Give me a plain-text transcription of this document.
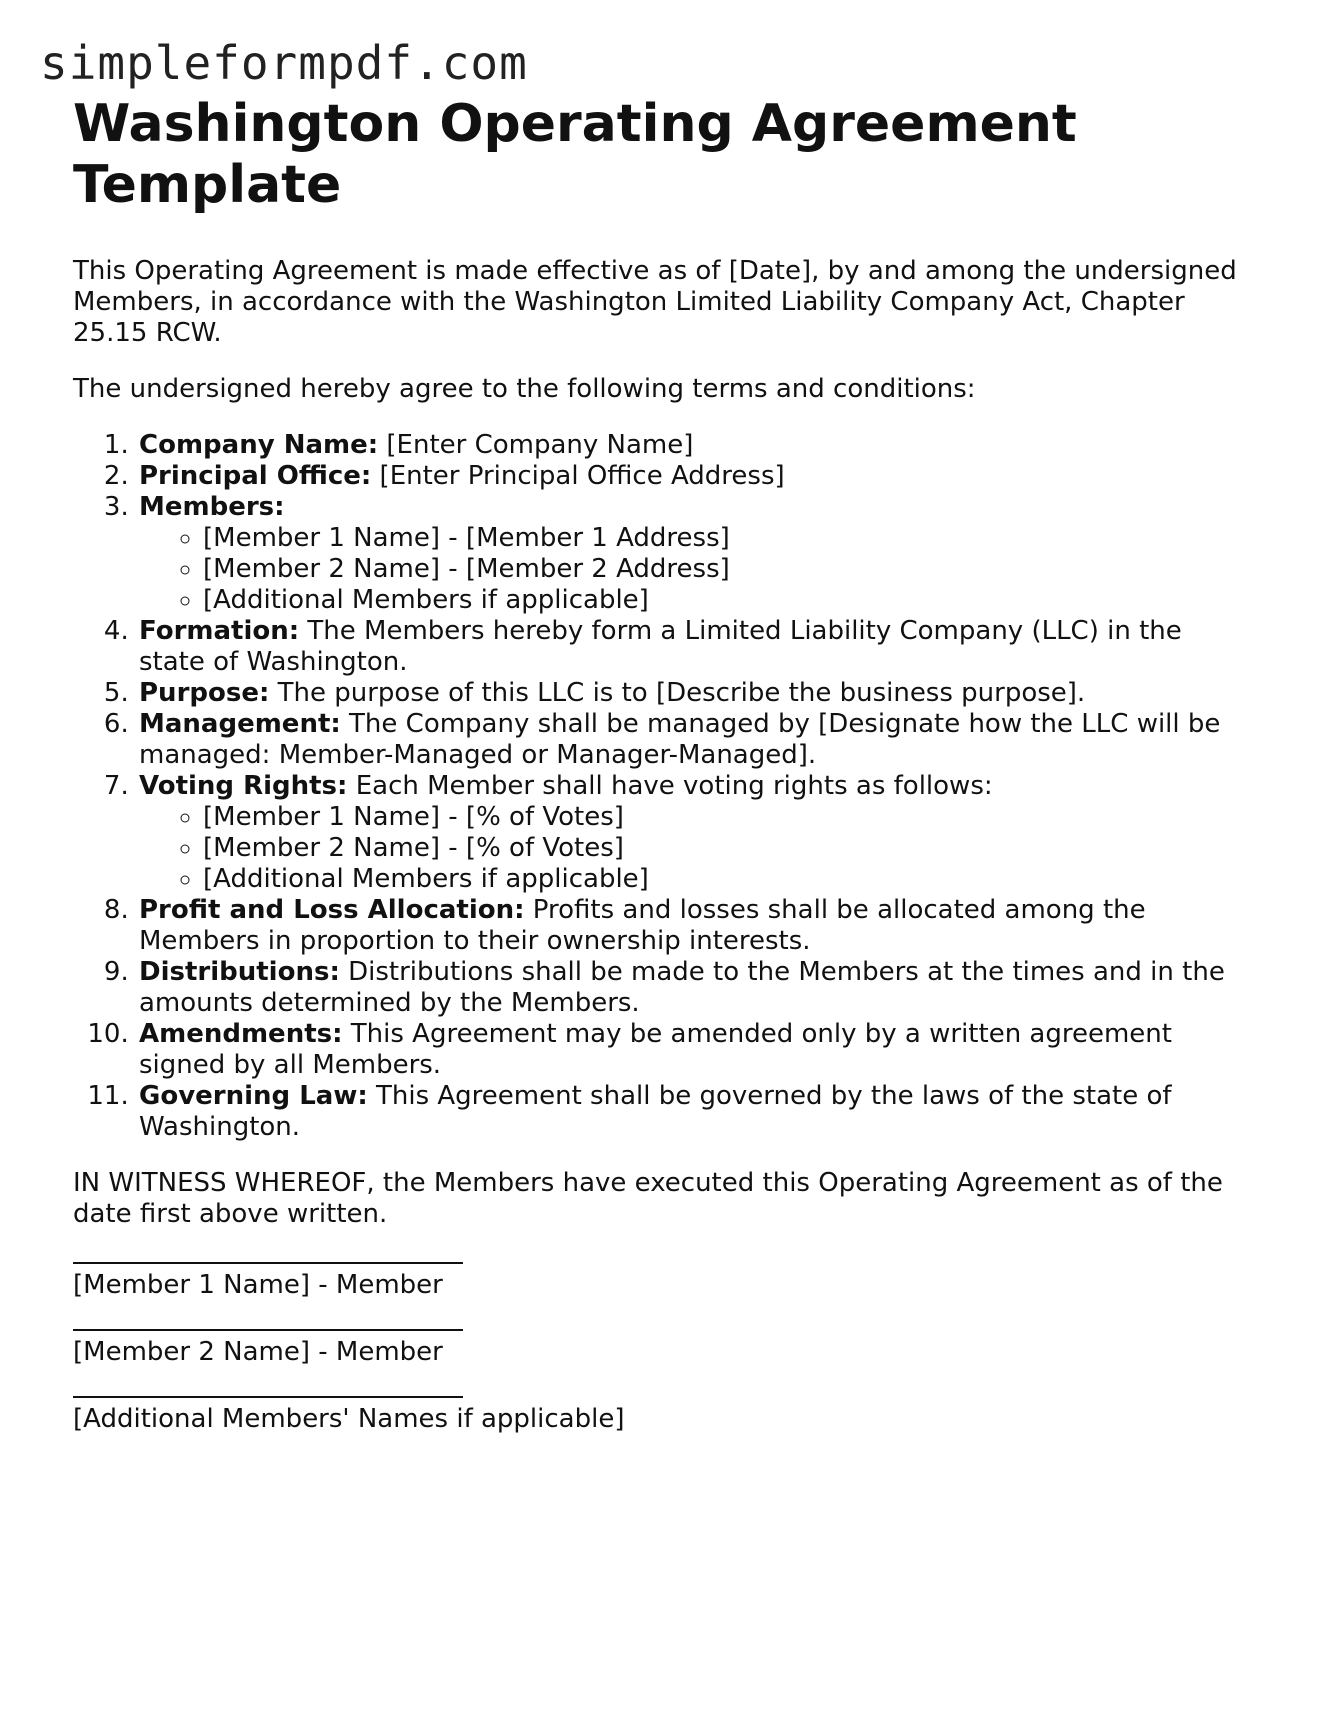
simpleformpdf.com
Washington Operating Agreement Template

This Operating Agreement is made effective as of [Date], by and among the undersigned Members, in accordance with the Washington Limited Liability Company Act, Chapter 25.15 RCW.

The undersigned hereby agree to the following terms and conditions:

1. Company Name: [Enter Company Name]
2. Principal Office: [Enter Principal Office Address]
3. Members:
◦ [Member 1 Name] - [Member 1 Address]
◦ [Member 2 Name] - [Member 2 Address]
◦ [Additional Members if applicable]
4. Formation: The Members hereby form a Limited Liability Company (LLC) in the state of Washington.
5. Purpose: The purpose of this LLC is to [Describe the business purpose].
6. Management: The Company shall be managed by [Designate how the LLC will be managed: Member-Managed or Manager-Managed].
7. Voting Rights: Each Member shall have voting rights as follows:
◦ [Member 1 Name] - [% of Votes]
◦ [Member 2 Name] - [% of Votes]
◦ [Additional Members if applicable]
8. Profit and Loss Allocation: Profits and losses shall be allocated among the Members in proportion to their ownership interests.
9. Distributions: Distributions shall be made to the Members at the times and in the amounts determined by the Members.
10. Amendments: This Agreement may be amended only by a written agreement signed by all Members.
11. Governing Law: This Agreement shall be governed by the laws of the state of Washington.

IN WITNESS WHEREOF, the Members have executed this Operating Agreement as of the date first above written.

[Member 1 Name] - Member
[Member 2 Name] - Member
[Additional Members' Names if applicable]
